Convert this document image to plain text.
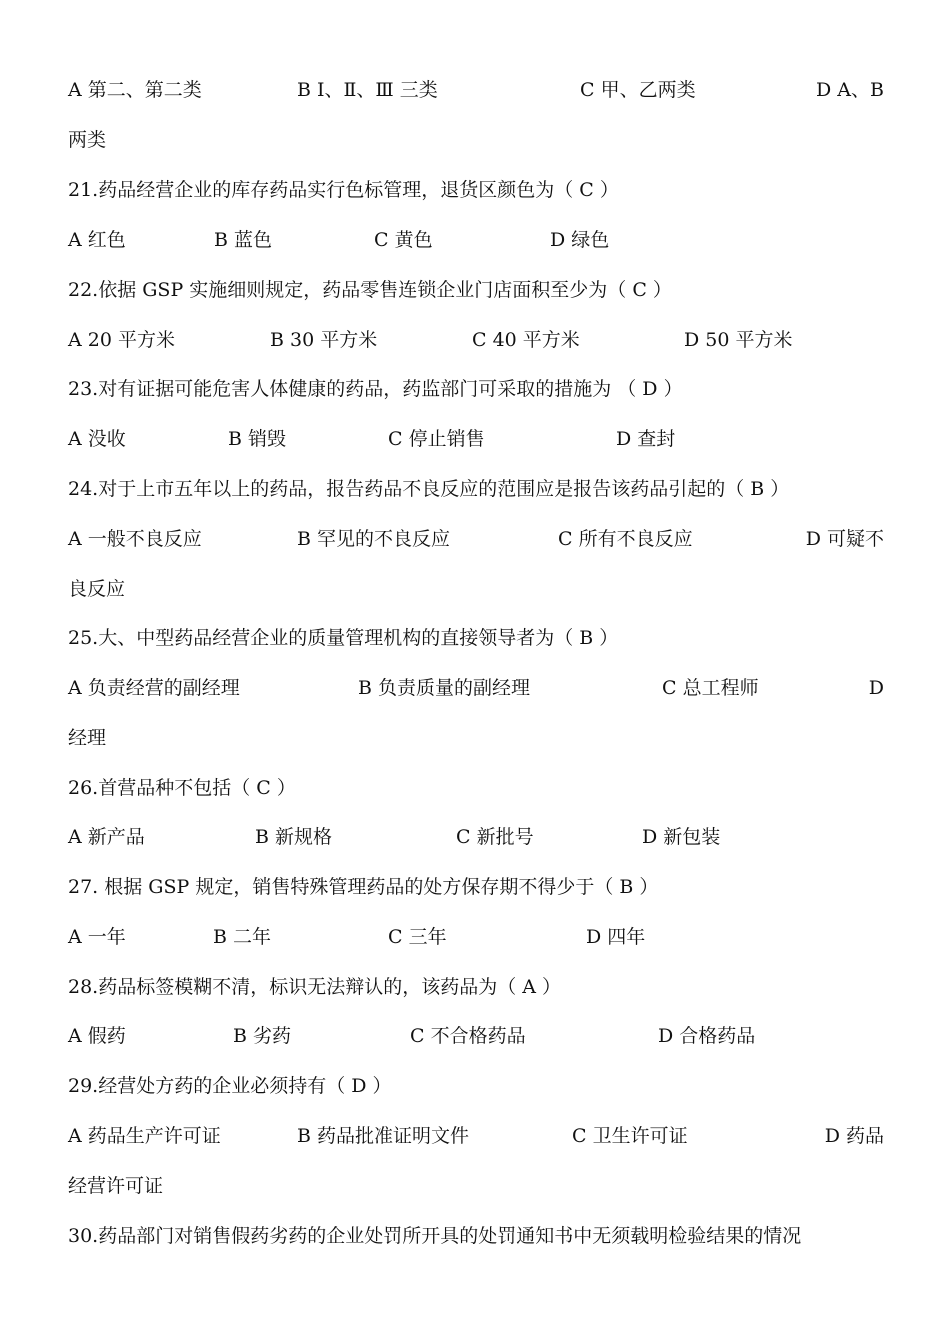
A 第二、第二类	B Ⅰ、Ⅱ、Ⅲ 三类	C 甲、乙两类	D A、B
两类
21.药品经营企业的库存药品实行色标管理，退货区颜色为（ C ）
A 红色	B 蓝色	C 黄色	D 绿色
22.依据 GSP 实施细则规定，药品零售连锁企业门店面积至少为（ C ）
A 20 平方米	B 30 平方米	C 40 平方米	D 50 平方米
23.对有证据可能危害人体健康的药品，药监部门可采取的措施为 （ D ）
A 没收	B 销毁	C 停止销售	D 查封
24.对于上市五年以上的药品，报告药品不良反应的范围应是报告该药品引起的（ B ）
A 一般不良反应	B 罕见的不良反应	C 所有不良反应	D 可疑不
良反应
25.大、中型药品经营企业的质量管理机构的直接领导者为（ B ）
A 负责经营的副经理	B 负责质量的副经理	C 总工程师	D
经理
26.首营品种不包括（ C ）
A 新产品	B 新规格	C 新批号	D 新包装
27. 根据 GSP 规定，销售特殊管理药品的处方保存期不得少于（ B ）
A 一年	B 二年	C 三年	D 四年
28.药品标签模糊不清，标识无法辩认的，该药品为（ A ）
A 假药	B 劣药	C 不合格药品	D 合格药品
29.经营处方药的企业必须持有（ D ）
A 药品生产许可证	B 药品批准证明文件	C 卫生许可证	D 药品
经营许可证
30.药品部门对销售假药劣药的企业处罚所开具的处罚通知书中无须载明检验结果的情况
